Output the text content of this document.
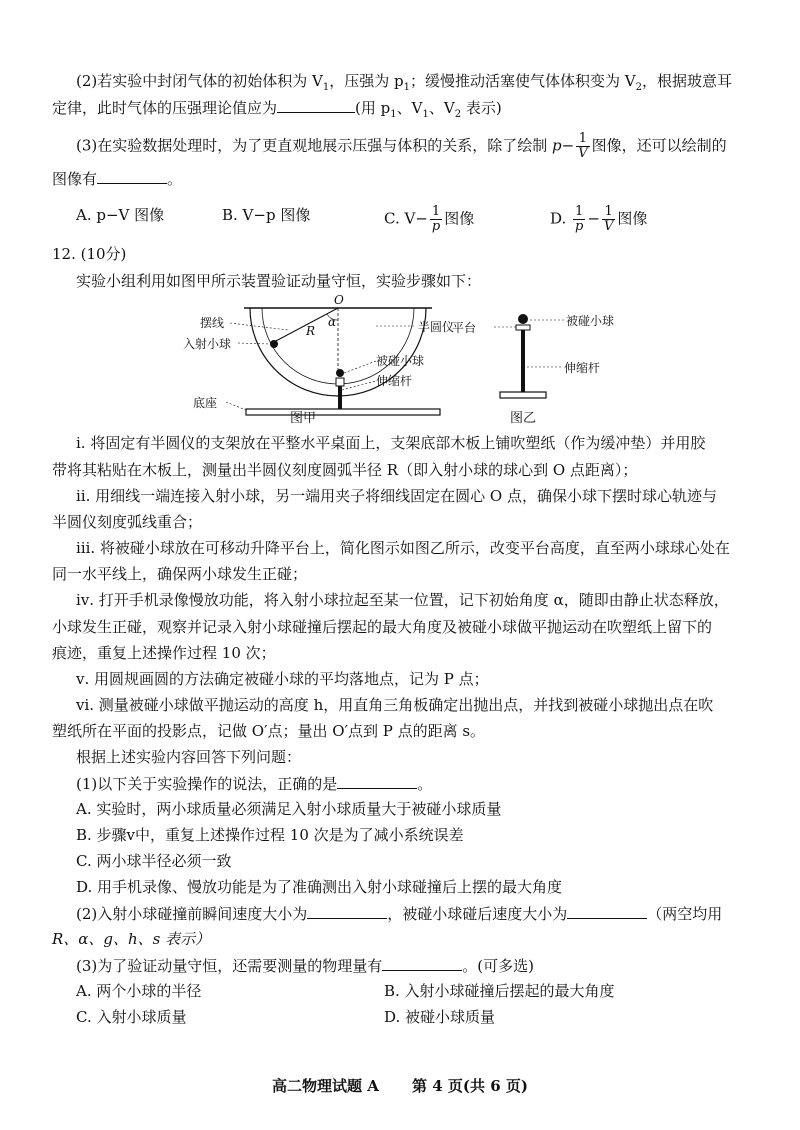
(2)若实验中封闭气体的初始体积为 $V_1$，压强为 $p_1$；缓慢推动活塞使气体体积变为 $V_2$，根据玻意耳
定律，此时气体的压强理论值应为	(用 $p_1$、$V_1$、$V_2$ 表示)
(3)在实验数据处理时，为了更直观地展示压强与体积的关系，除了绘制 $p- \frac{1}{V}$ 图像，还可以绘制的
图像有	。
A. p−V 图像	B. V−p 图像	C. $V- \frac{1}{p}$ 图像	D. $\frac{1}{p} - \frac{1}{V}$ 图像
12. (10分)
实验小组利用如图甲所示装置验证动量守恒，实验步骤如下：
O
α
R
摆线
入射小球
半圆仪
被碰小球
伸缩杆
底座
图甲
平台	被碰小球
伸缩杆
图乙
ⅰ. 将固定有半圆仪的支架放在平整水平桌面上，支架底部木板上铺吹塑纸（作为缓冲垫）并用胶
带将其粘贴在木板上，测量出半圆仪刻度圆弧半径 R（即入射小球的球心到 O 点距离）；
ⅱ. 用细线一端连接入射小球，另一端用夹子将细线固定在圆心 O 点，确保小球下摆时球心轨迹与
半圆仪刻度弧线重合；
ⅲ. 将被碰小球放在可移动升降平台上，简化图示如图乙所示，改变平台高度，直至两小球球心处在
同一水平线上，确保两小球发生正碰；
ⅳ. 打开手机录像慢放功能，将入射小球拉起至某一位置，记下初始角度 α，随即由静止状态释放，
小球发生正碰，观察并记录入射小球碰撞后摆起的最大角度及被碰小球做平抛运动在吹塑纸上留下的
痕迹，重复上述操作过程 10 次；
ⅴ. 用圆规画圆的方法确定被碰小球的平均落地点，记为 P 点；
ⅵ. 测量被碰小球做平抛运动的高度 h，用直角三角板确定出抛出点，并找到被碰小球抛出点在吹
塑纸所在平面的投影点，记做 O′点；量出 O′点到 P 点的距离 s。
根据上述实验内容回答下列问题：
(1)以下关于实验操作的说法，正确的是	。
A. 实验时，两小球质量必须满足入射小球质量大于被碰小球质量
B. 步骤ⅴ中，重复上述操作过程 10 次是为了减小系统误差
C. 两小球半径必须一致
D. 用手机录像、慢放功能是为了准确测出入射小球碰撞后上摆的最大角度
(2)入射小球碰撞前瞬间速度大小为	，被碰小球碰后速度大小为	（两空均用
R、α、g、h、s 表示）
(3)为了验证动量守恒，还需要测量的物理量有	。(可多选)
A. 两个小球的半径	B. 入射小球碰撞后摆起的最大角度
C. 入射小球质量	D. 被碰小球质量
高二物理试题 A 第 4 页(共 6 页)
